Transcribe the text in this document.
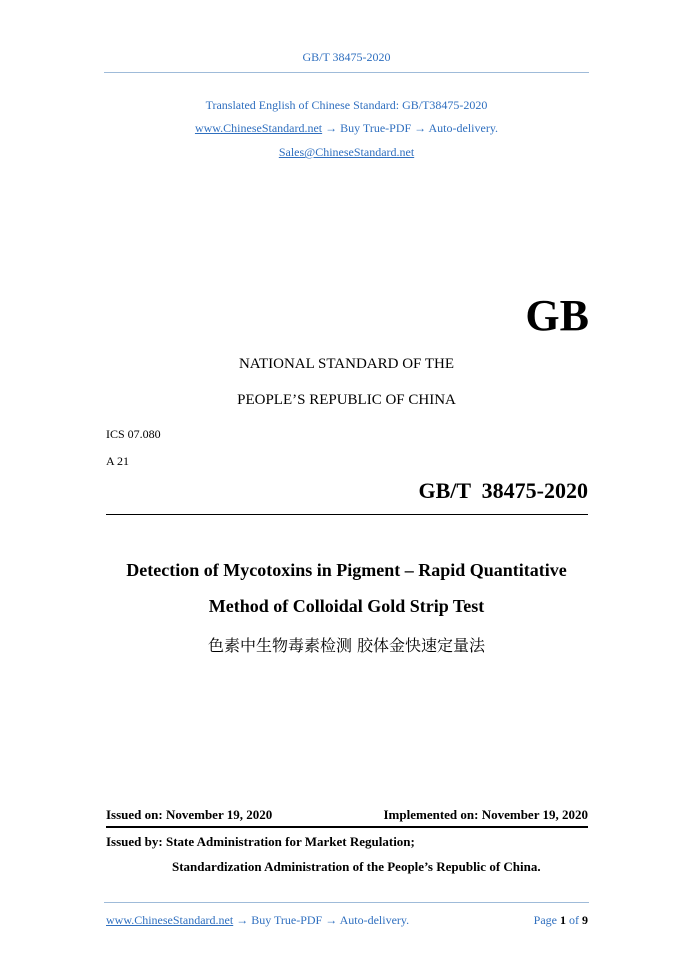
GB/T 38475-2020
Translated English of Chinese Standard: GB/T38475-2020
www.ChineseStandard.net → Buy True-PDF → Auto-delivery.
Sales@ChineseStandard.net
GB
NATIONAL STANDARD OF THE
PEOPLE’S REPUBLIC OF CHINA
ICS 07.080
A 21
GB/T  38475-2020
Detection of Mycotoxins in Pigment – Rapid Quantitative
Method of Colloidal Gold Strip Test
色素中生物毒素检测 胶体金快速定量法
Issued on: November 19, 2020	Implemented on: November 19, 2020
Issued by: State Administration for Market Regulation;
Standardization Administration of the People’s Republic of China.
www.ChineseStandard.net → Buy True-PDF → Auto-delivery.	Page 1 of 9
